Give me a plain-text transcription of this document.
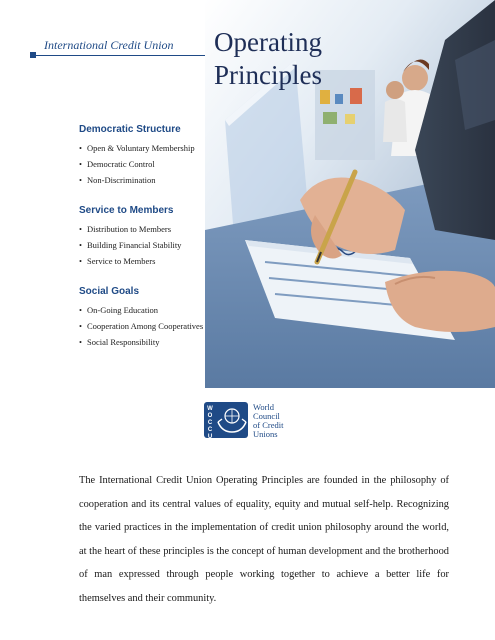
International Credit Union Operating
Principles
Democratic Structure
• Open & Voluntary Membership
• Democratic Control
• Non-Discrimination
Service to Members
• Distribution to Members
• Building Financial Stability
• Service to Members
Social Goals
• On-Going Education
• Cooperation Among Cooperatives
• Social Responsibility
W
O
C
C
U
World
Council
of Credit
Unions

The International Credit Union Operating Principles are founded in the philosophy of cooperation and its central values of equality, equity and mutual self-help. Recognizing the varied practices in the implementation of credit union philosophy around the world, at the heart of these principles is the concept of human development and the brotherhood of man expressed through people working together to achieve a better life for themselves and their community.
